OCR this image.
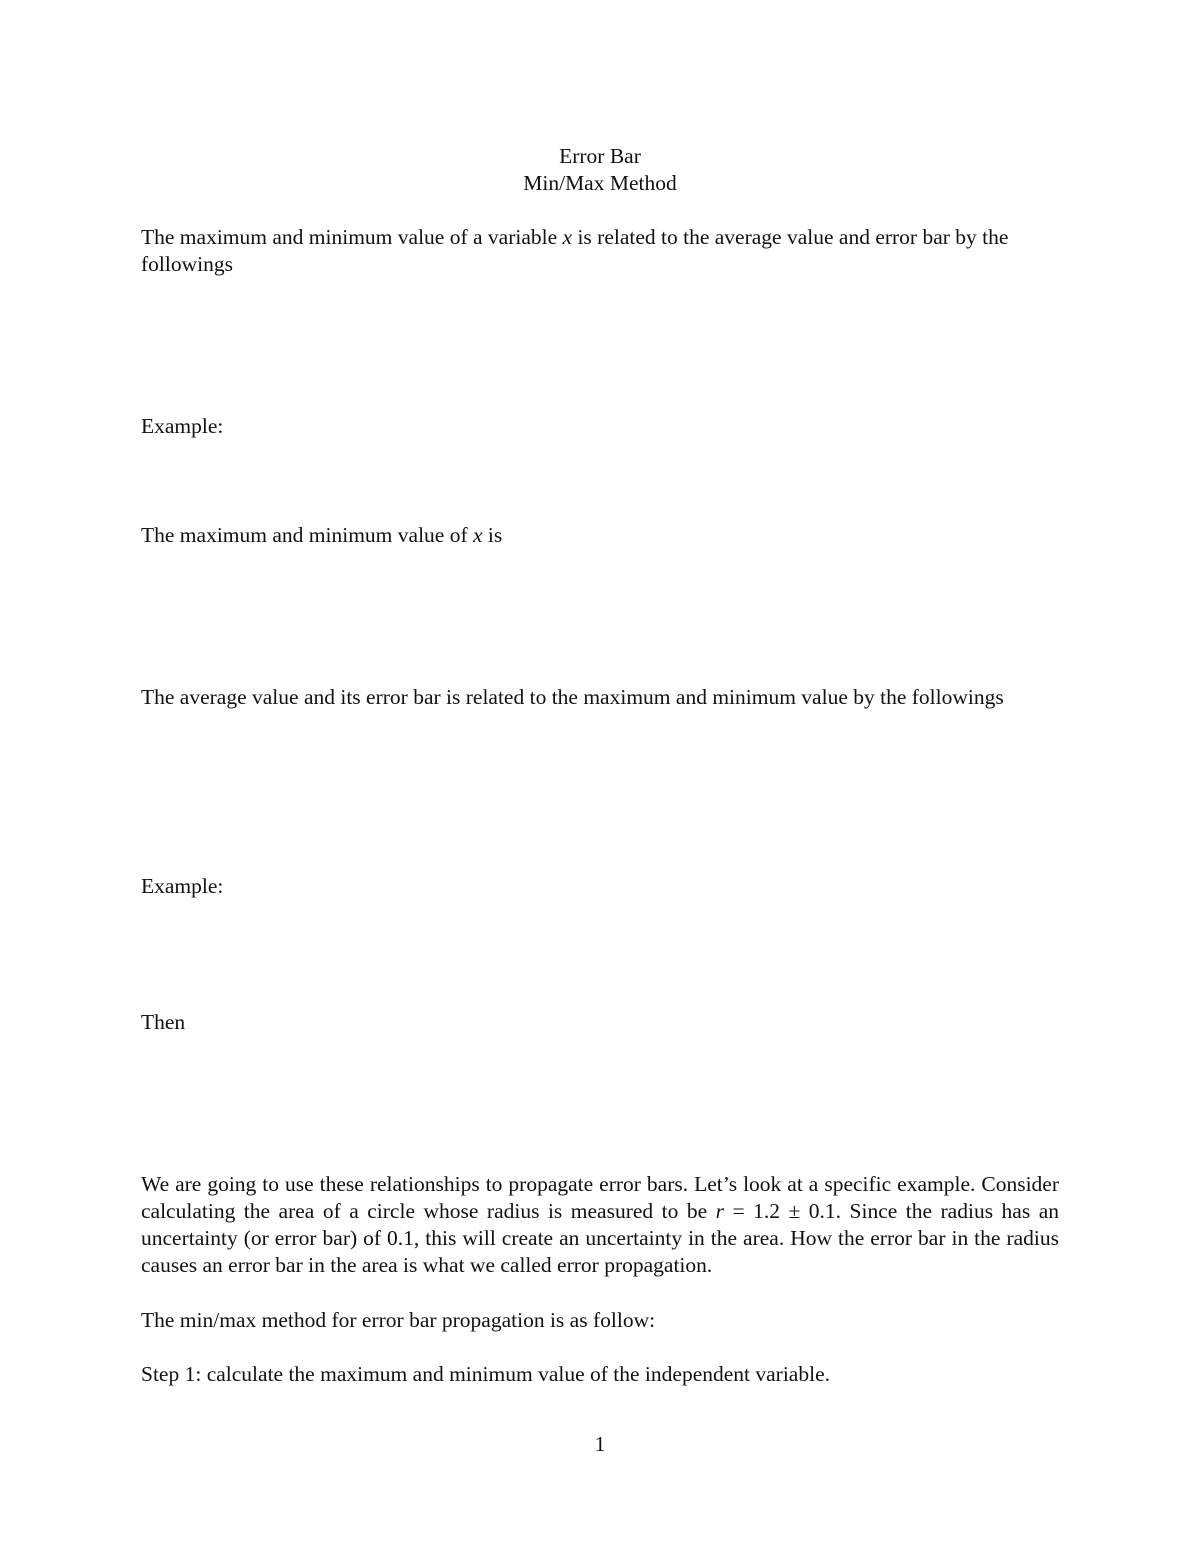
Error Bar
Min/Max Method

The maximum and minimum value of a variable x is related to the average value and error bar by the followings

Example:

The maximum and minimum value of x is

The average value and its error bar is related to the maximum and minimum value by the followings

Example:

Then

We are going to use these relationships to propagate error bars. Let’s look at a specific example. Consider calculating the area of a circle whose radius is measured to be r = 1.2 ± 0.1. Since the radius has an uncertainty (or error bar) of 0.1, this will create an uncertainty in the area. How the error bar in the radius causes an error bar in the area is what we called error propagation.

The min/max method for error bar propagation is as follow:

Step 1: calculate the maximum and minimum value of the independent variable.

1
